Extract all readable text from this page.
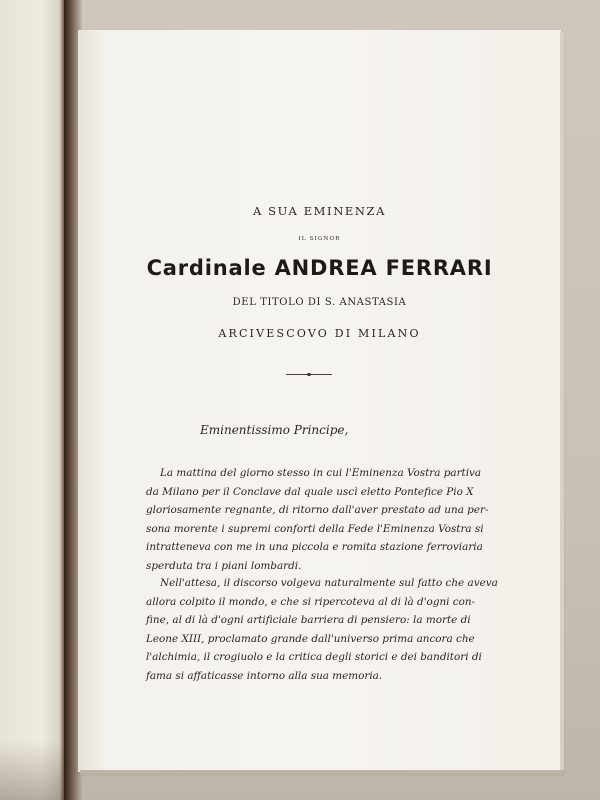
A SUA EMINENZA
IL SIGNOR
Cardinale ANDREA FERRARI
DEL TITOLO DI S. ANASTASIA
ARCIVESCOVO DI MILANO
Eminentissimo Principe,
La mattina del giorno stesso in cui l'Eminenza Vostra partiva
da Milano per il Conclave dal quale uscì eletto Pontefice Pio X
gloriosamente regnante, di ritorno dall'aver prestato ad una per-
sona morente i supremi conforti della Fede l'Eminenza Vostra si
intratteneva con me in una piccola e romita stazione ferroviaria
sperduta tra i piani lombardi.
Nell'attesa, il discorso volgeva naturalmente sul fatto che aveva
allora colpito il mondo, e che si ripercoteva al di là d'ogni con-
fine, al di là d'ogni artificiale barriera di pensiero: la morte di
Leone XIII, proclamato grande dall'universo prima ancora che
l'alchimia, il crogiuolo e la critica degli storici e dei banditori di
fama si affaticasse intorno alla sua memoria.
